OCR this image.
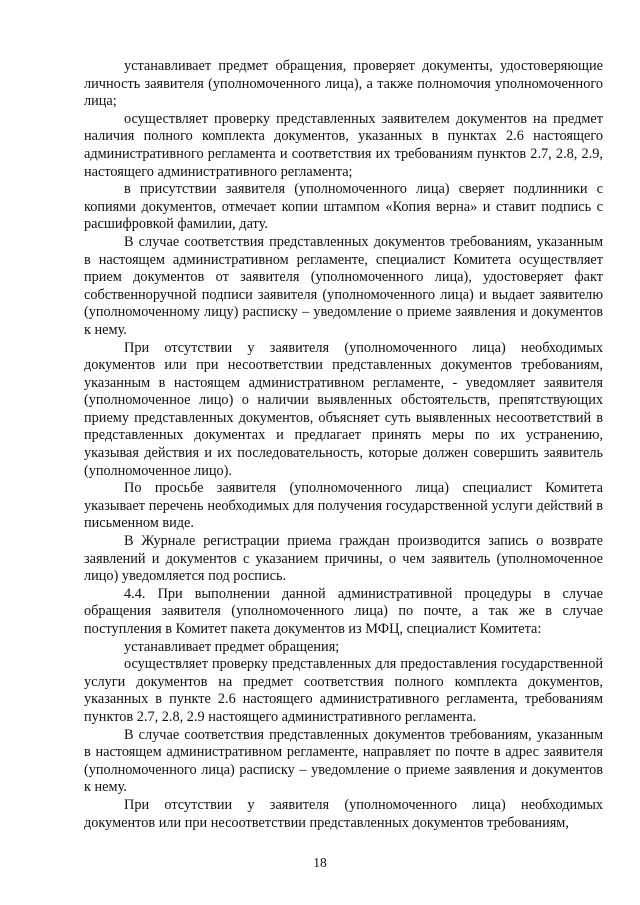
устанавливает предмет обращения, проверяет документы, удостоверяющие личность заявителя (уполномоченного лица), а также полномочия уполномоченного лица;

осуществляет проверку представленных заявителем документов на предмет наличия полного комплекта документов, указанных в пунктах 2.6 настоящего административного регламента и соответствия их требованиям пунктов 2.7, 2.8, 2.9, настоящего административного регламента;

в присутствии заявителя (уполномоченного лица) сверяет подлинники с копиями документов, отмечает копии штампом «Копия верна» и ставит подпись с расшифровкой фамилии, дату.

В случае соответствия представленных документов требованиям, указанным в настоящем административном регламенте, специалист Комитета осуществляет прием документов от заявителя (уполномоченного лица), удостоверяет факт собственноручной подписи заявителя (уполномоченного лица) и выдает заявителю (уполномоченному лицу) расписку – уведомление о приеме заявления и документов к нему.

При отсутствии у заявителя (уполномоченного лица) необходимых документов или при несоответствии представленных документов требованиям, указанным в настоящем административном регламенте, - уведомляет заявителя (уполномоченное лицо) о наличии выявленных обстоятельств, препятствующих приему представленных документов, объясняет суть выявленных несоответствий в представленных документах и предлагает принять меры по их устранению, указывая действия и их последовательность, которые должен совершить заявитель (уполномоченное лицо).

По просьбе заявителя (уполномоченного лица) специалист Комитета указывает перечень необходимых для получения государственной услуги действий в письменном виде.

В Журнале регистрации приема граждан производится запись о возврате заявлений и документов с указанием причины, о чем заявитель (уполномоченное лицо) уведомляется под роспись.

4.4. При выполнении данной административной процедуры в случае обращения заявителя (уполномоченного лица) по почте, а так же в случае поступления в Комитет пакета документов из МФЦ, специалист Комитета:

устанавливает предмет обращения;

осуществляет проверку представленных для предоставления государственной услуги документов на предмет соответствия полного комплекта документов, указанных в пункте 2.6 настоящего административного регламента, требованиям пунктов 2.7, 2.8, 2.9 настоящего административного регламента.

В случае соответствия представленных документов требованиям, указанным в настоящем административном регламенте, направляет по почте в адрес заявителя (уполномоченного лица) расписку – уведомление о приеме заявления и документов к нему.

При отсутствии у заявителя (уполномоченного лица) необходимых документов или при несоответствии представленных документов требованиям,

18
